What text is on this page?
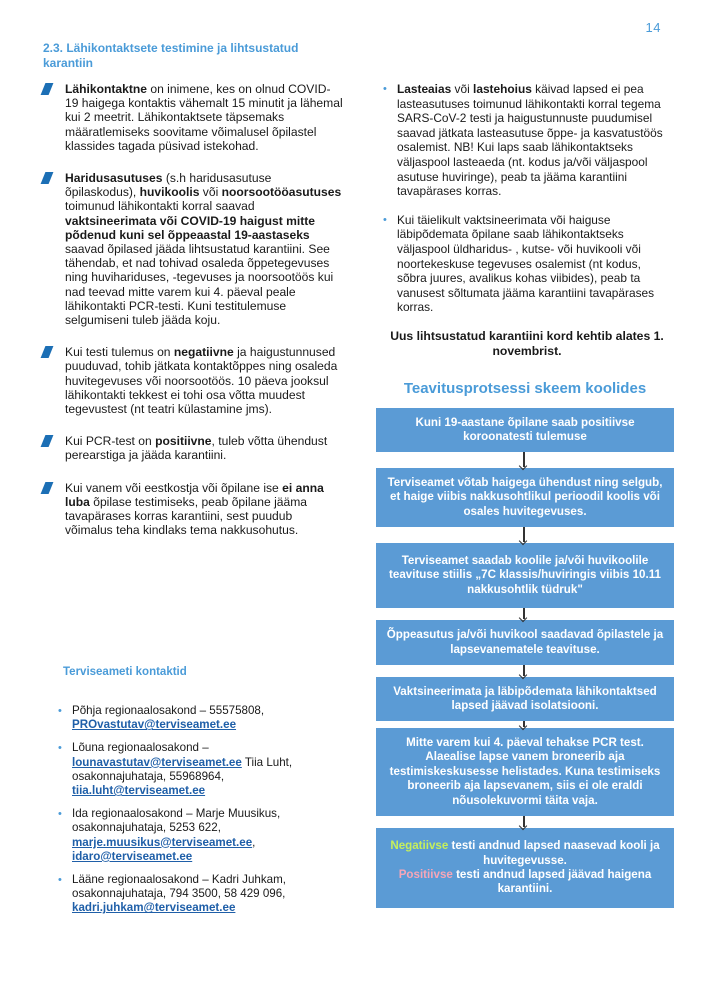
14
2.3. Lähikontaktsete testimine ja lihtsustatud karantiin
Lähikontaktne on inimene, kes on olnud COVID-19 haigega kontaktis vähemalt 15 minutit ja lähemal kui 2 meetrit. Lähikontaktsete täpsemaks määratlemiseks soovitame võimalusel õpilastel klassides tagada püsivad istekohad.
Haridusasutuses (s.h haridusasutuse õpilaskodus), huvikoolis või noorsootööasutuses toimunud lähikontakti korral saavad vaktsineerimata või COVID-19 haigust mitte põdenud kuni sel õppeaastal 19-aastaseks saavad õpilased jääda lihtsustatud karantiini. See tähendab, et nad tohivad osaleda õppetegevuses ning huvihariduses, -tegevuses ja noorsootöös kui nad teevad mitte varem kui 4. päeval peale lähikontakti PCR-testi. Kuni testitulemuse selgumiseni tuleb jääda koju.
Kui testi tulemus on negatiivne ja haigustunnused puuduvad, tohib jätkata kontaktõppes ning osaleda huvitegevuses või noorsootöös. 10 päeva jooksul lähikontakti tekkest ei tohi osa võtta muudest tegevustest (nt teatri külastamine jms).
Kui PCR-test on positiivne, tuleb võtta ühendust perearstiga ja jääda karantiini.
Kui vanem või eestkostja või õpilane ise ei anna luba õpilase testimiseks, peab õpilane jääma tavapärases korras karantiini, sest puudub võimalus teha kindlaks tema nakkusohutus.
Terviseameti kontaktid
• Põhja regionaalosakond – 55575808, PROvastutav@terviseamet.ee
• Lõuna regionaalosakond – lounavastutav@terviseamet.ee Tiia Luht, osakonnajuhataja, 55968964, tiia.luht@terviseamet.ee
• Ida regionaalosakond – Marje Muusikus, osakonnajuhataja, 5253 622, marje.muusikus@terviseamet.ee, idaro@terviseamet.ee
• Lääne regionaalosakond – Kadri Juhkam, osakonnajuhataja, 794 3500, 58 429 096, kadri.juhkam@terviseamet.ee
• Lasteaias või lastehoius käivad lapsed ei pea lasteasutuses toimunud lähikontakti korral tegema SARS-CoV-2 testi ja haigustunnuste puudumisel saavad jätkata lasteasutuse õppe- ja kasvatustöös osalemist. NB! Kui laps saab lähikontaktseks väljaspool lasteaeda (nt. kodus ja/või väljaspool asutuse huviringe), peab ta jääma karantiini tavapärases korras.
• Kui täielikult vaktsineerimata või haiguse läbipõdemata õpilane saab lähikontaktseks väljaspool üldharidus- , kutse- või huvikooli või noortekeskuse tegevuses osalemist (nt kodus, sõbra juures, avalikus kohas viibides), peab ta vanusest sõltumata jääma karantiini tavapärases korras.
Uus lihtsustatud karantiini kord kehtib alates 1. novembrist.
Teavitusprotsessi skeem koolides
Kuni 19-aastane õpilane saab positiivse koroonatesti tulemuse
Terviseamet võtab haigega ühendust ning selgub, et haige viibis nakkusohtlikul perioodil koolis või osales huvitegevuses.
Terviseamet saadab koolile ja/või huvikoolile teavituse stiilis „7C klassis/huviringis viibis 10.11 nakkusohtlik tüdruk"
Õppeasutus ja/või huvikool saadavad õpilastele ja lapsevanematele teavituse.
Vaktsineerimata ja läbipõdemata lähikontaktsed lapsed jäävad isolatsiooni.
Mitte varem kui 4. päeval tehakse PCR test. Alaealise lapse vanem broneerib aja testimiskeskusesse helistades. Kuna testimiseks broneerib aja lapsevanem, siis ei ole eraldi nõusolekuvormi täita vaja.
Negatiivse testi andnud lapsed naasevad kooli ja huvitegevusse.
Positiivse testi andnud lapsed jäävad haigena karantiini.
